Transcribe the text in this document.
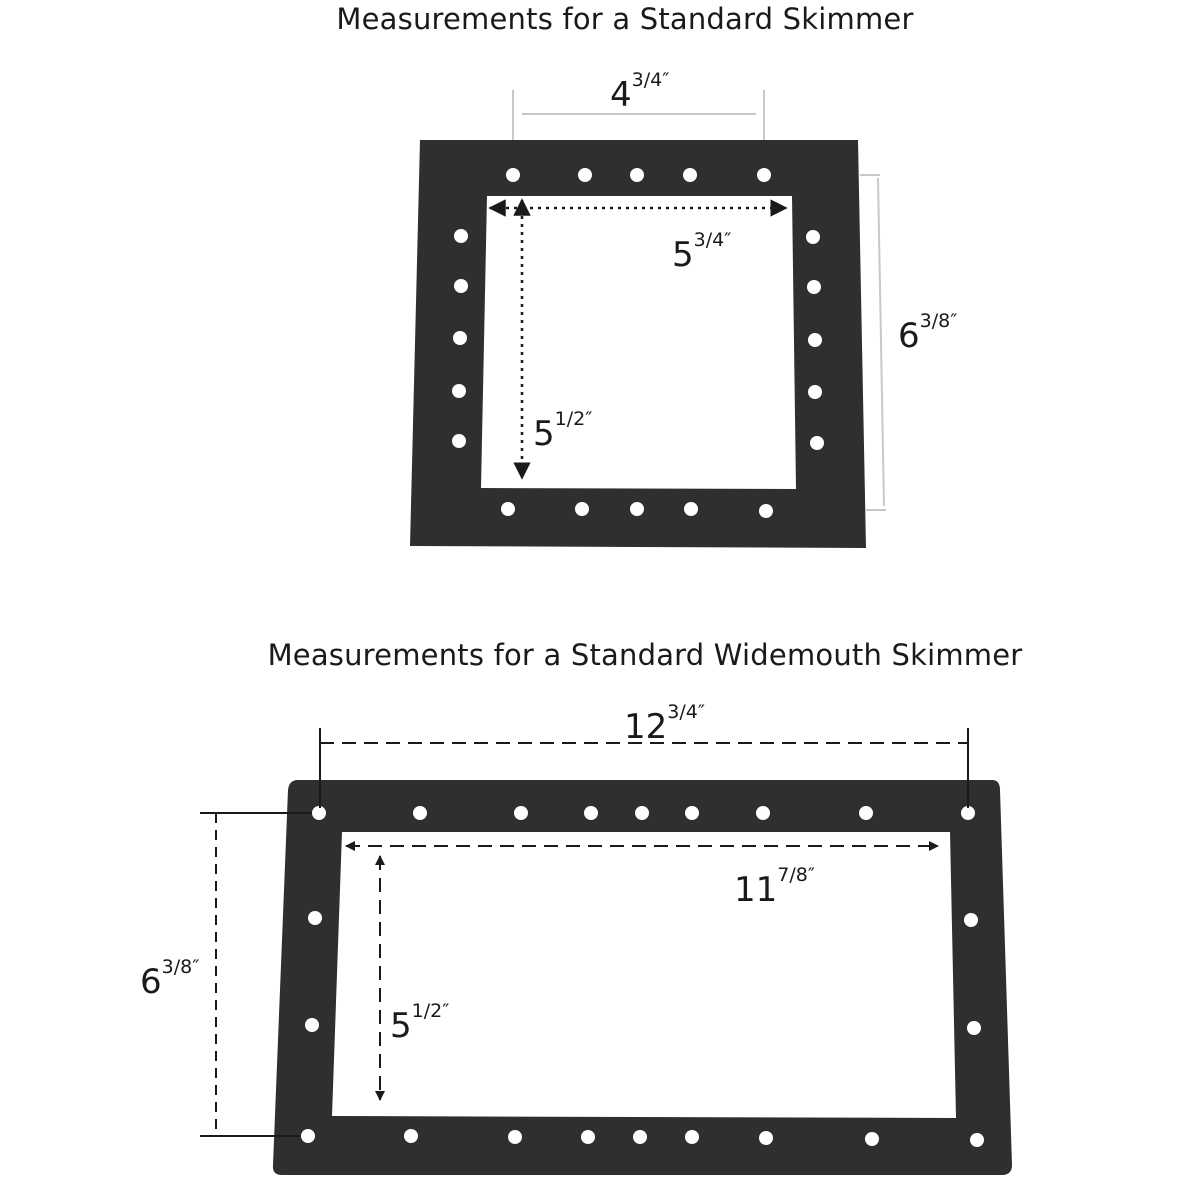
Measurements for a Standard Skimmer
Measurements for a Standard Widemouth Skimmer
43/4″
53/4″
51/2″
63/8″
123/4″
117/8″
51/2″
63/8″
